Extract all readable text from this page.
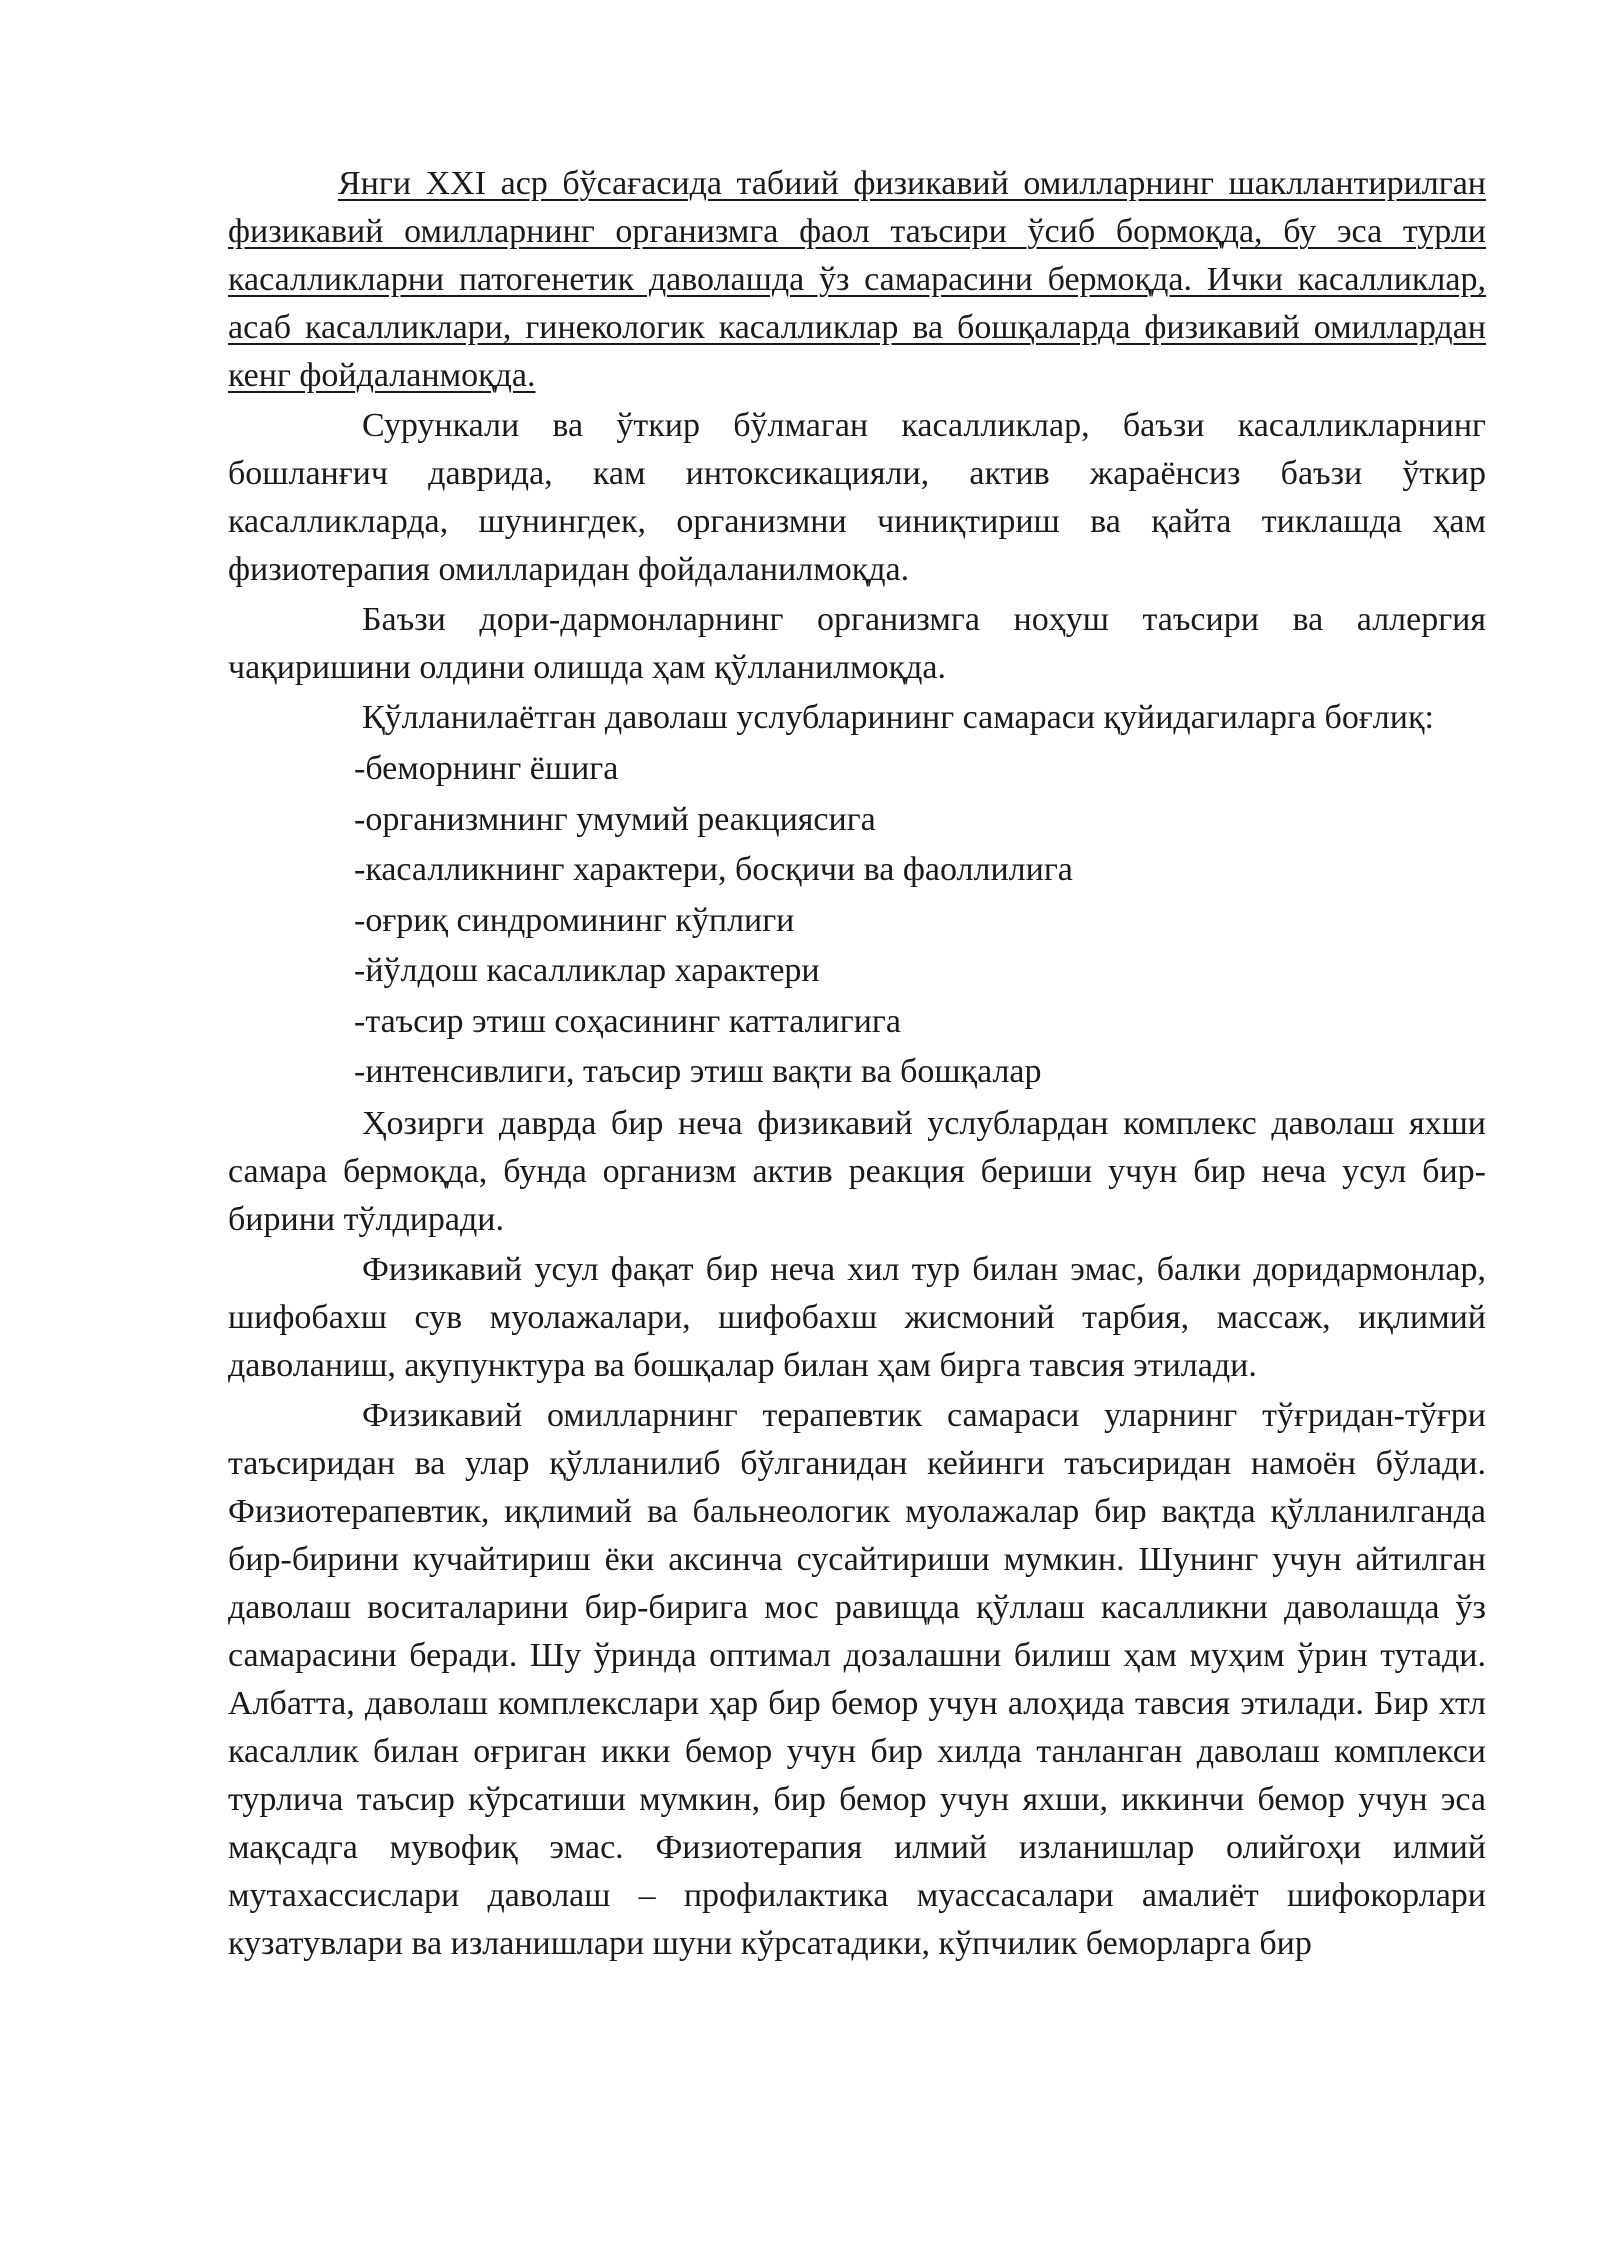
Янги XXI аср бўсағасида табиий физикавий омилларнинг шакллантирилган физикавий омилларнинг организмга фаол таъсири ўсиб бормоқда, бу эса турли касалликларни патогенетик даволашда ўз самарасини бермоқда. Ички касалликлар, асаб касалликлари, гинекологик касалликлар ва бошқаларда физикавий омиллардан кенг фойдаланмоқда.

Сурункали ва ўткир бўлмаган касалликлар, баъзи касалликларнинг бошланғич даврида, кам интоксикацияли, актив жараёнсиз баъзи ўткир касалликларда, шунингдек, организмни чиниқтириш ва қайта тиклашда ҳам физиотерапия омилларидан фойдаланилмоқда.

Баъзи дори-дармонларнинг организмга ноҳуш таъсири ва аллергия чақиришини олдини олишда ҳам қўлланилмоқда.

Қўлланилаётган даволаш услубларининг самараси қуйидагиларга боғлиқ:

-беморнинг ёшига
-организмнинг умумий реакциясига
-касалликнинг характери, босқичи ва фаоллилига
-оғриқ синдромининг кўплиги
-йўлдош касалликлар характери
-таъсир этиш соҳасининг катталигига
-интенсивлиги, таъсир этиш вақти ва бошқалар

Ҳозирги даврда бир неча физикавий услублардан комплекс даволаш яхши самара бермоқда, бунда организм актив реакция бериши учун бир неча усул бир-бирини тўлдиради.

Физикавий усул фақат бир неча хил тур билан эмас, балки доридармонлар, шифобахш сув муолажалари, шифобахш жисмоний тарбия, массаж, иқлимий даволаниш, акупунктура ва бошқалар билан ҳам бирга тавсия этилади.

Физикавий омилларнинг терапевтик самараси уларнинг тўғридан-тўғри таъсиридан ва улар қўлланилиб бўлганидан кейинги таъсиридан намоён бўлади. Физиотерапевтик, иқлимий ва бальнеологик муолажалар бир вақтда қўлланилганда бир-бирини кучайтириш ёки аксинча сусайтириши мумкин. Шунинг учун айтилган даволаш воситаларини бир-бирига мос равищда қўллаш касалликни даволашда ўз самарасини беради. Шу ўринда оптимал дозалашни билиш ҳам муҳим ўрин тутади. Албатта, даволаш комплекслари ҳар бир бемор учун алоҳида тавсия этилади. Бир хтл касаллик билан оғриган икки бемор учун бир хилда танланган даволаш комплекси турлича таъсир кўрсатиши мумкин, бир бемор учун яхши, иккинчи бемор учун эса мақсадга мувофиқ эмас. Физиотерапия илмий изланишлар олийгоҳи илмий мутахассислари даволаш – профилактика муассасалари амалиёт шифокорлари кузатувлари ва изланишлари шуни кўрсатадики, кўпчилик беморларга бир
